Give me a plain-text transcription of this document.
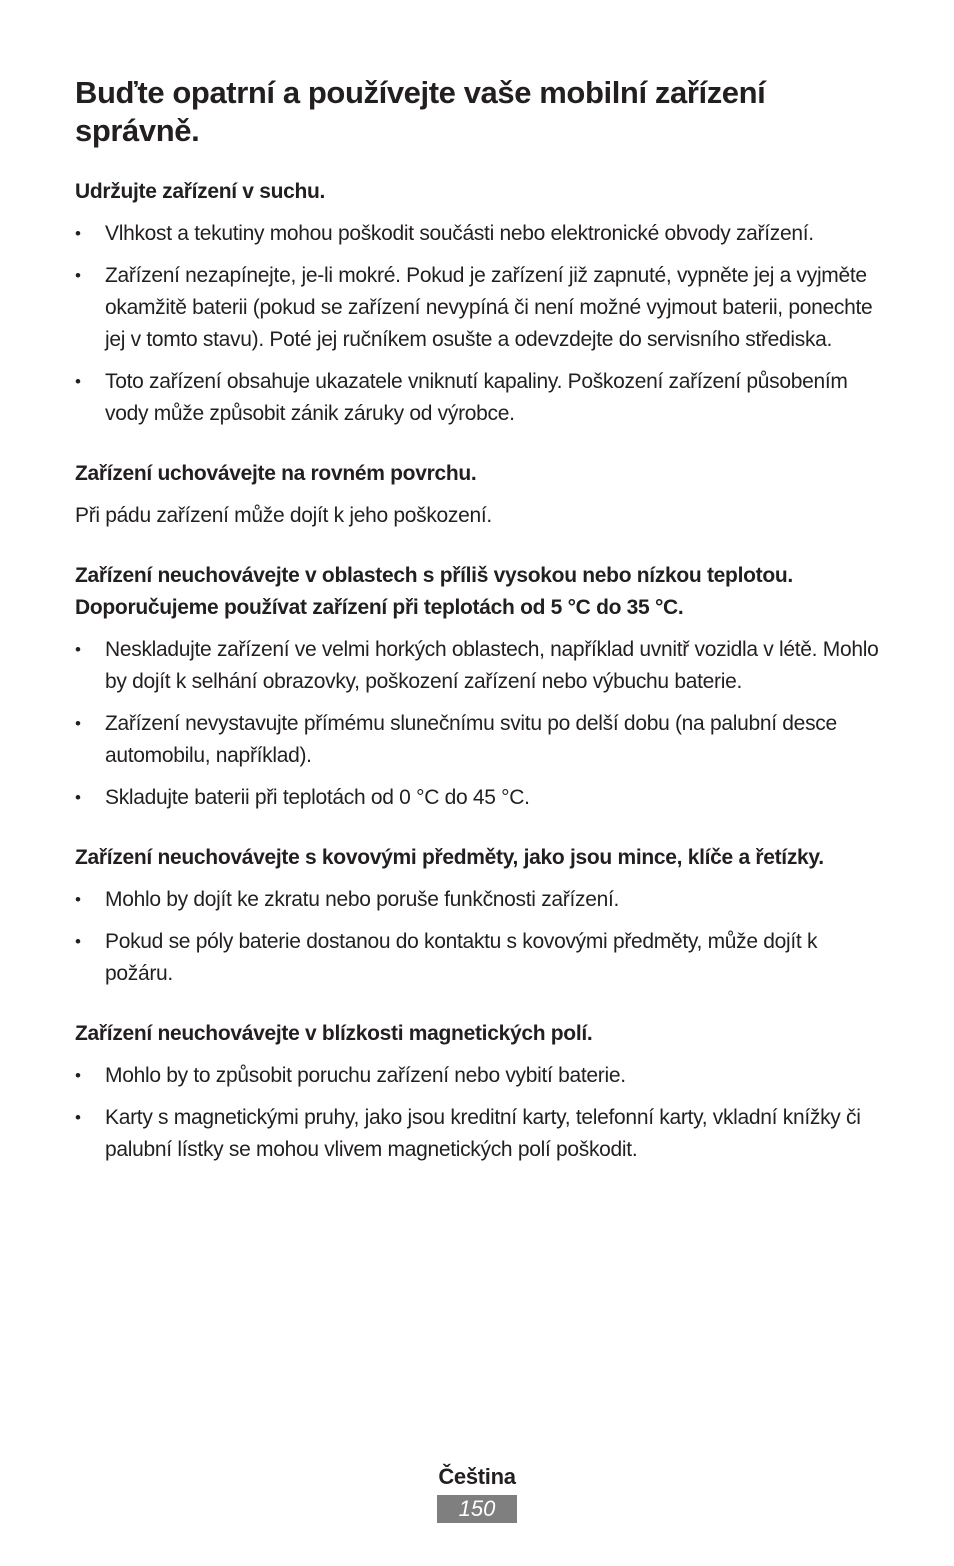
Buďte opatrní a používejte vaše mobilní zařízení správně.

Udržujte zařízení v suchu.

•	Vlhkost a tekutiny mohou poškodit součásti nebo elektronické obvody zařízení.
•	Zařízení nezapínejte, je-li mokré. Pokud je zařízení již zapnuté, vypněte jej a vyjměte okamžitě baterii (pokud se zařízení nevypíná či není možné vyjmout baterii, ponechte jej v tomto stavu). Poté jej ručníkem osušte a odevzdejte do servisního střediska.
•	Toto zařízení obsahuje ukazatele vniknutí kapaliny. Poškození zařízení působením vody může způsobit zánik záruky od výrobce.

Zařízení uchovávejte na rovném povrchu.

Při pádu zařízení může dojít k jeho poškození.

Zařízení neuchovávejte v oblastech s příliš vysokou nebo nízkou teplotou. Doporučujeme používat zařízení při teplotách od 5 °C do 35 °C.

•	Neskladujte zařízení ve velmi horkých oblastech, například uvnitř vozidla v létě. Mohlo by dojít k selhání obrazovky, poškození zařízení nebo výbuchu baterie.
•	Zařízení nevystavujte přímému slunečnímu svitu po delší dobu (na palubní desce automobilu, například).
•	Skladujte baterii při teplotách od 0 °C do 45 °C.

Zařízení neuchovávejte s kovovými předměty, jako jsou mince, klíče a řetízky.

•	Mohlo by dojít ke zkratu nebo poruše funkčnosti zařízení.
•	Pokud se póly baterie dostanou do kontaktu s kovovými předměty, může dojít k požáru.

Zařízení neuchovávejte v blízkosti magnetických polí.

•	Mohlo by to způsobit poruchu zařízení nebo vybití baterie.
•	Karty s magnetickými pruhy, jako jsou kreditní karty, telefonní karty, vkladní knížky či palubní lístky se mohou vlivem magnetických polí poškodit.
Čeština
150
